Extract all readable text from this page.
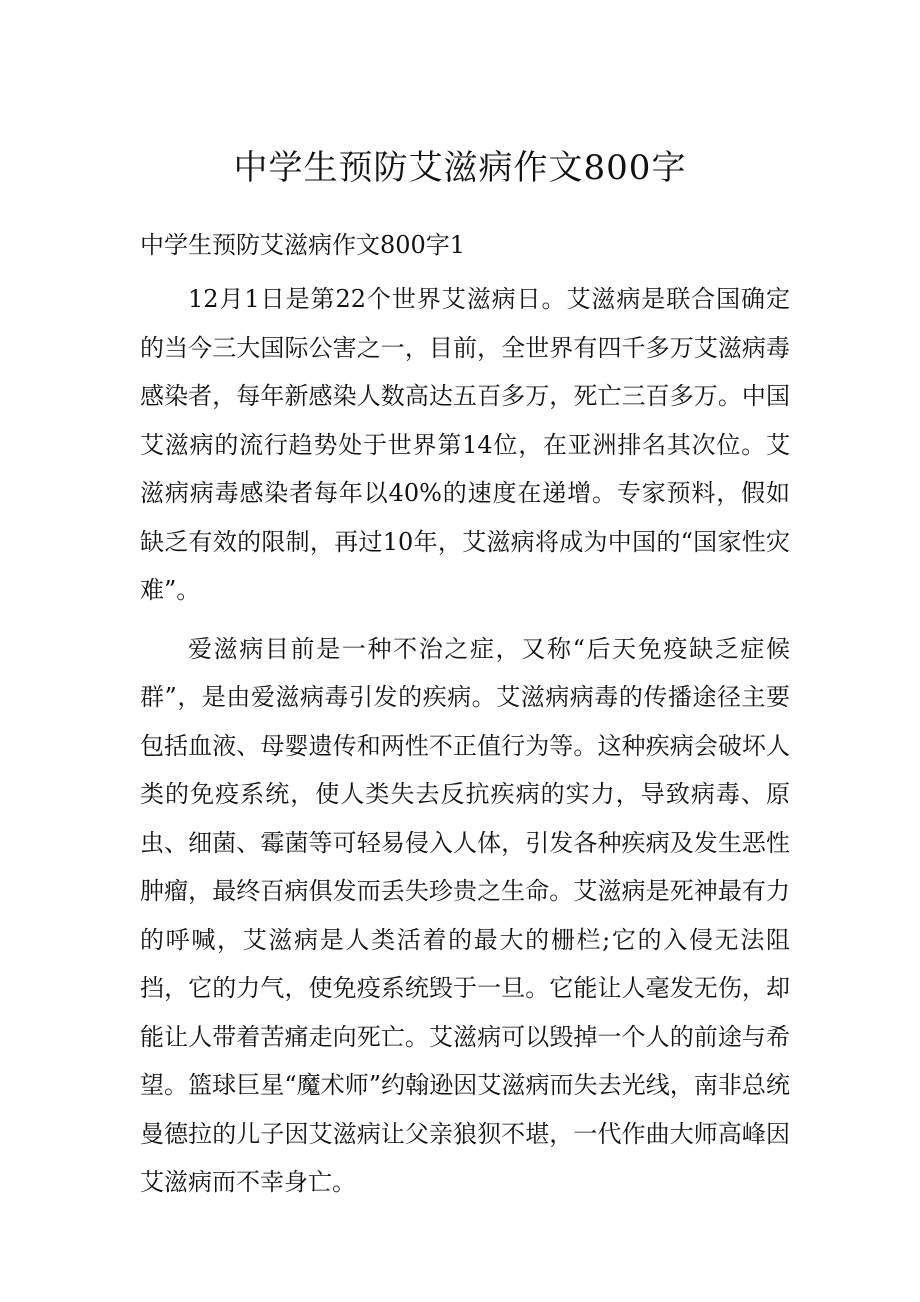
中学生预防艾滋病作文800字

中学生预防艾滋病作文800字1

12月1日是第22个世界艾滋病日。艾滋病是联合国确定的当今三大国际公害之一，目前，全世界有四千多万艾滋病毒感染者，每年新感染人数高达五百多万，死亡三百多万。中国艾滋病的流行趋势处于世界第14位，在亚洲排名其次位。艾滋病病毒感染者每年以40%的速度在递增。专家预料，假如缺乏有效的限制，再过10年，艾滋病将成为中国的“国家性灾难”。

爱滋病目前是一种不治之症，又称“后天免疫缺乏症候群”，是由爱滋病毒引发的疾病。艾滋病病毒的传播途径主要包括血液、母婴遗传和两性不正值行为等。这种疾病会破坏人类的免疫系统，使人类失去反抗疾病的实力，导致病毒、原虫、细菌、霉菌等可轻易侵入人体，引发各种疾病及发生恶性肿瘤，最终百病俱发而丢失珍贵之生命。艾滋病是死神最有力的呼喊，艾滋病是人类活着的最大的栅栏;它的入侵无法阻挡，它的力气，使免疫系统毁于一旦。它能让人毫发无伤，却能让人带着苦痛走向死亡。艾滋病可以毁掉一个人的前途与希望。篮球巨星“魔术师”约翰逊因艾滋病而失去光线，南非总统曼德拉的儿子因艾滋病让父亲狼狈不堪，一代作曲大师高峰因艾滋病而不幸身亡。
